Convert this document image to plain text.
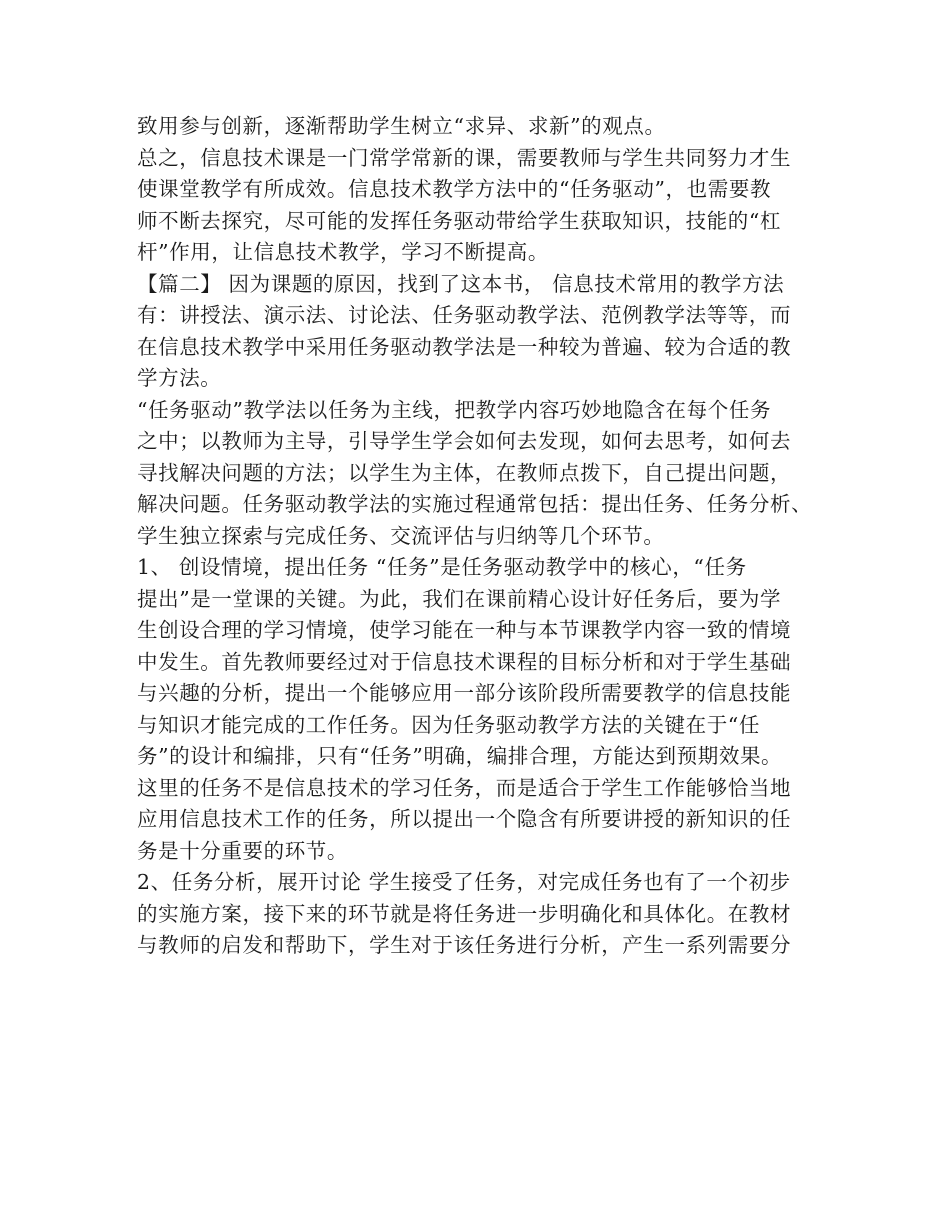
致用参与创新，逐渐帮助学生树立“求异、求新”的观点。
总之，信息技术课是一门常学常新的课，需要教师与学生共同努力才生
使课堂教学有所成效。信息技术教学方法中的“任务驱动”，也需要教
师不断去探究，尽可能的发挥任务驱动带给学生获取知识，技能的“杠
杆”作用，让信息技术教学，学习不断提高。
【篇二】 因为课题的原因，找到了这本书， 信息技术常用的教学方法
有：讲授法、演示法、讨论法、任务驱动教学法、范例教学法等等，而
在信息技术教学中采用任务驱动教学法是一种较为普遍、较为合适的教
学方法。
“任务驱动”教学法以任务为主线，把教学内容巧妙地隐含在每个任务
之中；以教师为主导，引导学生学会如何去发现，如何去思考，如何去
寻找解决问题的方法；以学生为主体，在教师点拨下，自己提出问题，
解决问题。任务驱动教学法的实施过程通常包括：提出任务、任务分析、
学生独立探索与完成任务、交流评估与归纳等几个环节。
1、 创设情境，提出任务 “任务”是任务驱动教学中的核心，“任务
提出”是一堂课的关键。为此，我们在课前精心设计好任务后，要为学
生创设合理的学习情境，使学习能在一种与本节课教学内容一致的情境
中发生。首先教师要经过对于信息技术课程的目标分析和对于学生基础
与兴趣的分析，提出一个能够应用一部分该阶段所需要教学的信息技能
与知识才能完成的工作任务。因为任务驱动教学方法的关键在于“任
务”的设计和编排，只有“任务”明确，编排合理，方能达到预期效果。
这里的任务不是信息技术的学习任务，而是适合于学生工作能够恰当地
应用信息技术工作的任务，所以提出一个隐含有所要讲授的新知识的任
务是十分重要的环节。
2、任务分析，展开讨论 学生接受了任务，对完成任务也有了一个初步
的实施方案，接下来的环节就是将任务进一步明确化和具体化。在教材
与教师的启发和帮助下，学生对于该任务进行分析，产生一系列需要分
